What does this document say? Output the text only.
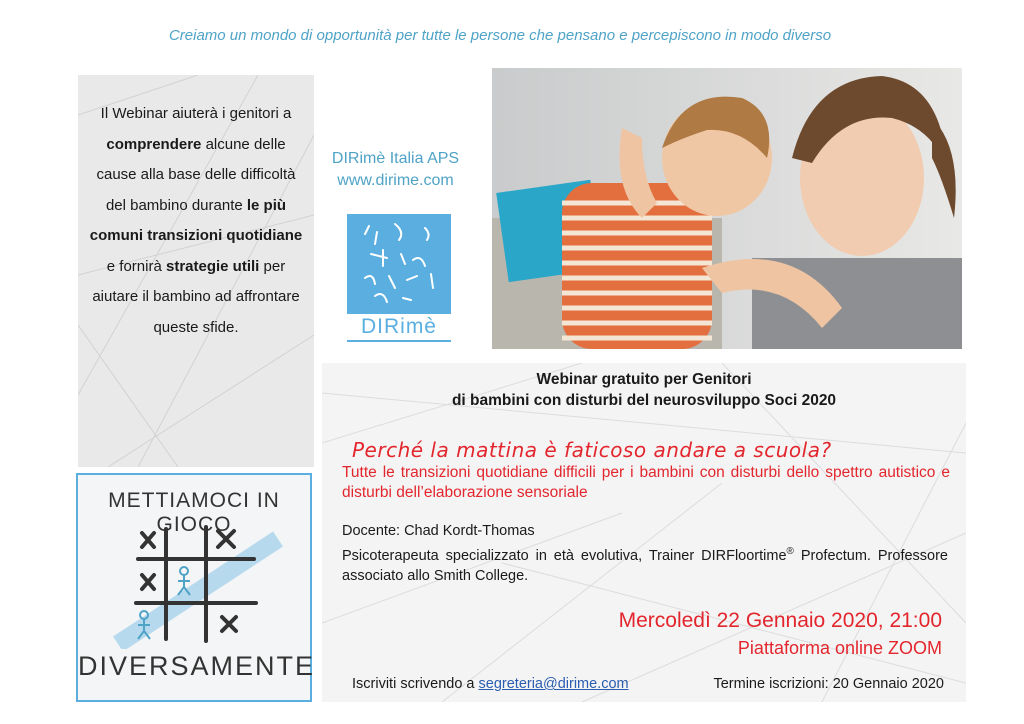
Creiamo un mondo di opportunità per tutte le persone che pensano e percepiscono in modo diverso
Il Webinar aiuterà i genitori a comprendere alcune delle cause alla base delle difficoltà del bambino durante le più comuni transizioni quotidiane
e fornirà strategie utili per aiutare il bambino ad affrontare queste sfide.
DIRimè Italia APS
www.dirime.com
DIRimè
METTIAMOCI IN GIOCO
DIVERSAMENTE
Webinar gratuito per Genitori
di bambini con disturbi del neurosviluppo Soci 2020
Perché la mattina è faticoso andare a scuola?
Tutte le transizioni quotidiane difficili per i bambini con disturbi dello spettro autistico e disturbi dell’elaborazione sensoriale
Docente: Chad Kordt-Thomas
Psicoterapeuta specializzato in età evolutiva, Trainer DIRFloortime® Profectum. Professore associato allo Smith College.
Mercoledì 22 Gennaio 2020, 21:00
Piattaforma online ZOOM
Iscriviti scrivendo a segreteria@dirime.com	Termine iscrizioni: 20 Gennaio 2020
